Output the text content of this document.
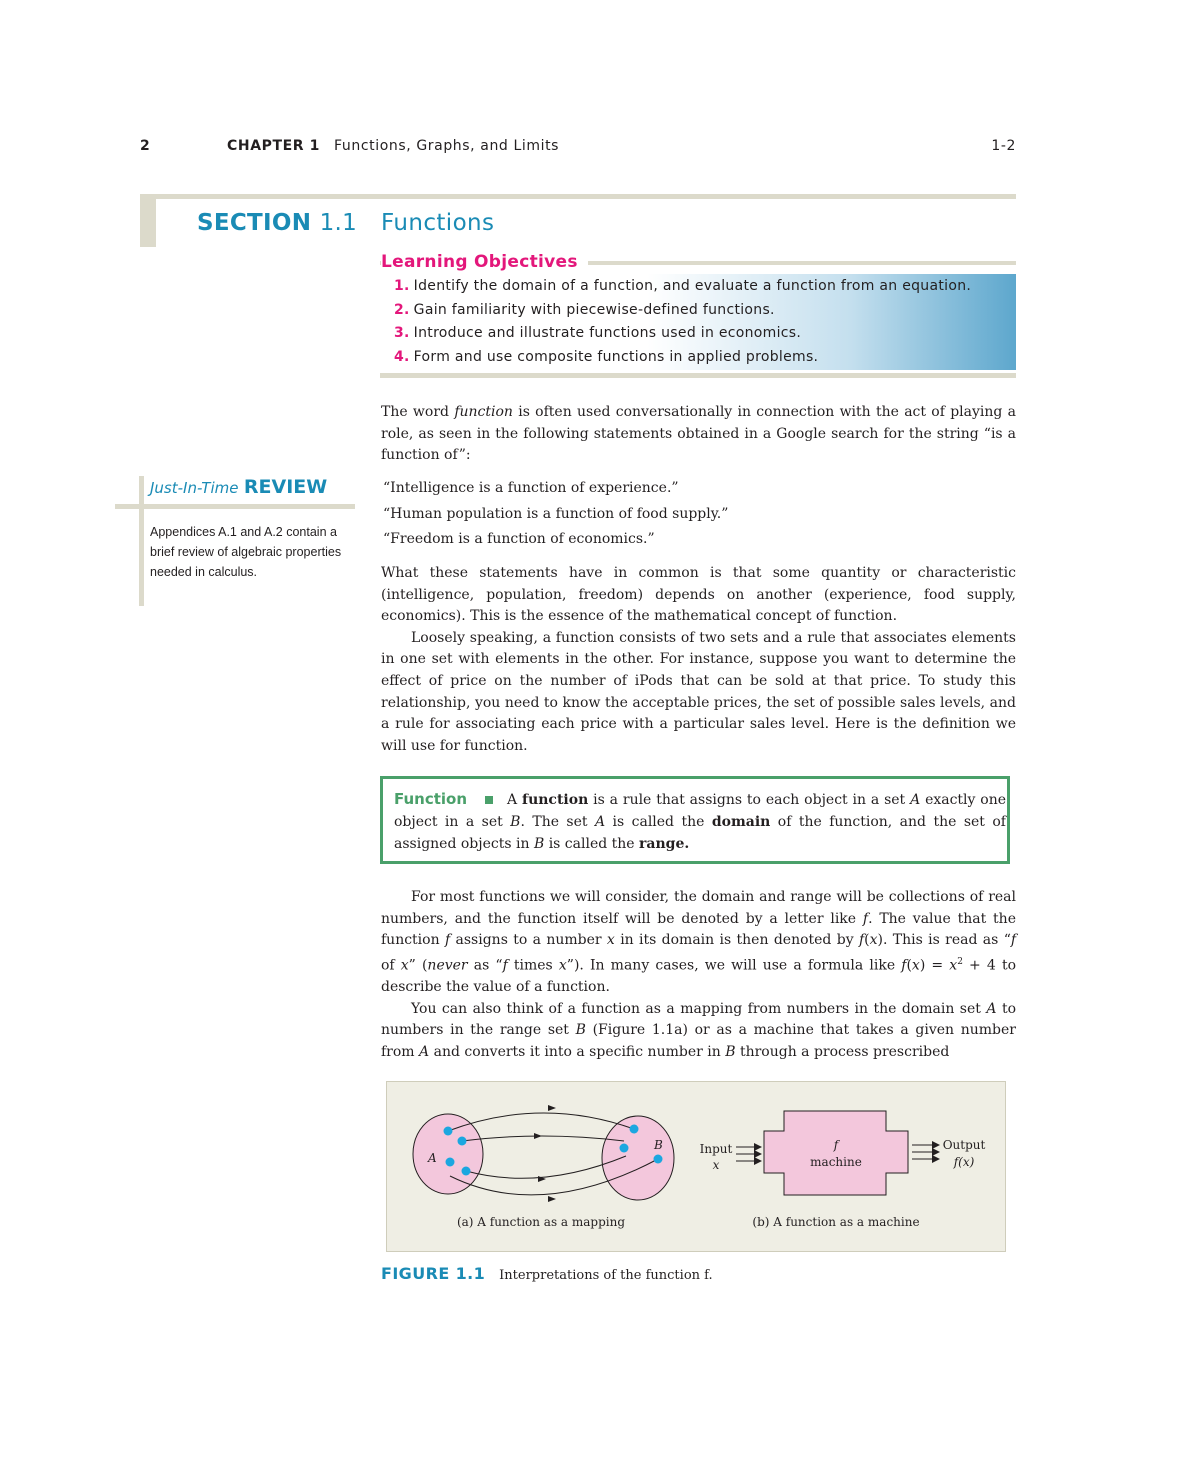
2	CHAPTER 1 Functions, Graphs, and Limits	1-2
SECTION 1.1 Functions
Learning Objectives
1. Identify the domain of a function, and evaluate a function from an equation.
2. Gain familiarity with piecewise-defined functions.
3. Introduce and illustrate functions used in economics.
4. Form and use composite functions in applied problems.

The word function is often used conversationally in connection with the act of playing a role, as seen in the following statements obtained in a Google search for the string “is a function of”:

Just-In-Time REVIEW
Appendices A.1 and A.2 contain a brief review of algebraic properties needed in calculus.
“Intelligence is a function of experience.”
“Human population is a function of food supply.”
“Freedom is a function of economics.”

What these statements have in common is that some quantity or characteristic (intelligence, population, freedom) depends on another (experience, food supply, economics). This is the essence of the mathematical concept of function.

Loosely speaking, a function consists of two sets and a rule that associates elements in one set with elements in the other. For instance, suppose you want to determine the effect of price on the number of iPods that can be sold at that price. To study this relationship, you need to know the acceptable prices, the set of possible sales levels, and a rule for associating each price with a particular sales level. Here is the definition we will use for function.

Function	A function is a rule that assigns to each object in a set A exactly one object in a set B. The set A is called the domain of the function, and the set of assigned objects in B is called the range.

For most functions we will consider, the domain and range will be collections of real numbers, and the function itself will be denoted by a letter like f. The value that the function f assigns to a number x in its domain is then denoted by f(x). This is read as “f of x” (never as “f times x”). In many cases, we will use a formula like $f(x) = x^2 + 4$ to describe the value of a function.

You can also think of a function as a mapping from numbers in the domain set A to numbers in the range set B (Figure 1.1a) or as a machine that takes a given number from A and converts it into a specific number in B through a process prescribed

A
B
(a) A function as a mapping
f
machine
Input
x
Output
f(x)
(b) A function as a machine
FIGURE 1.1 Interpretations of the function f.
